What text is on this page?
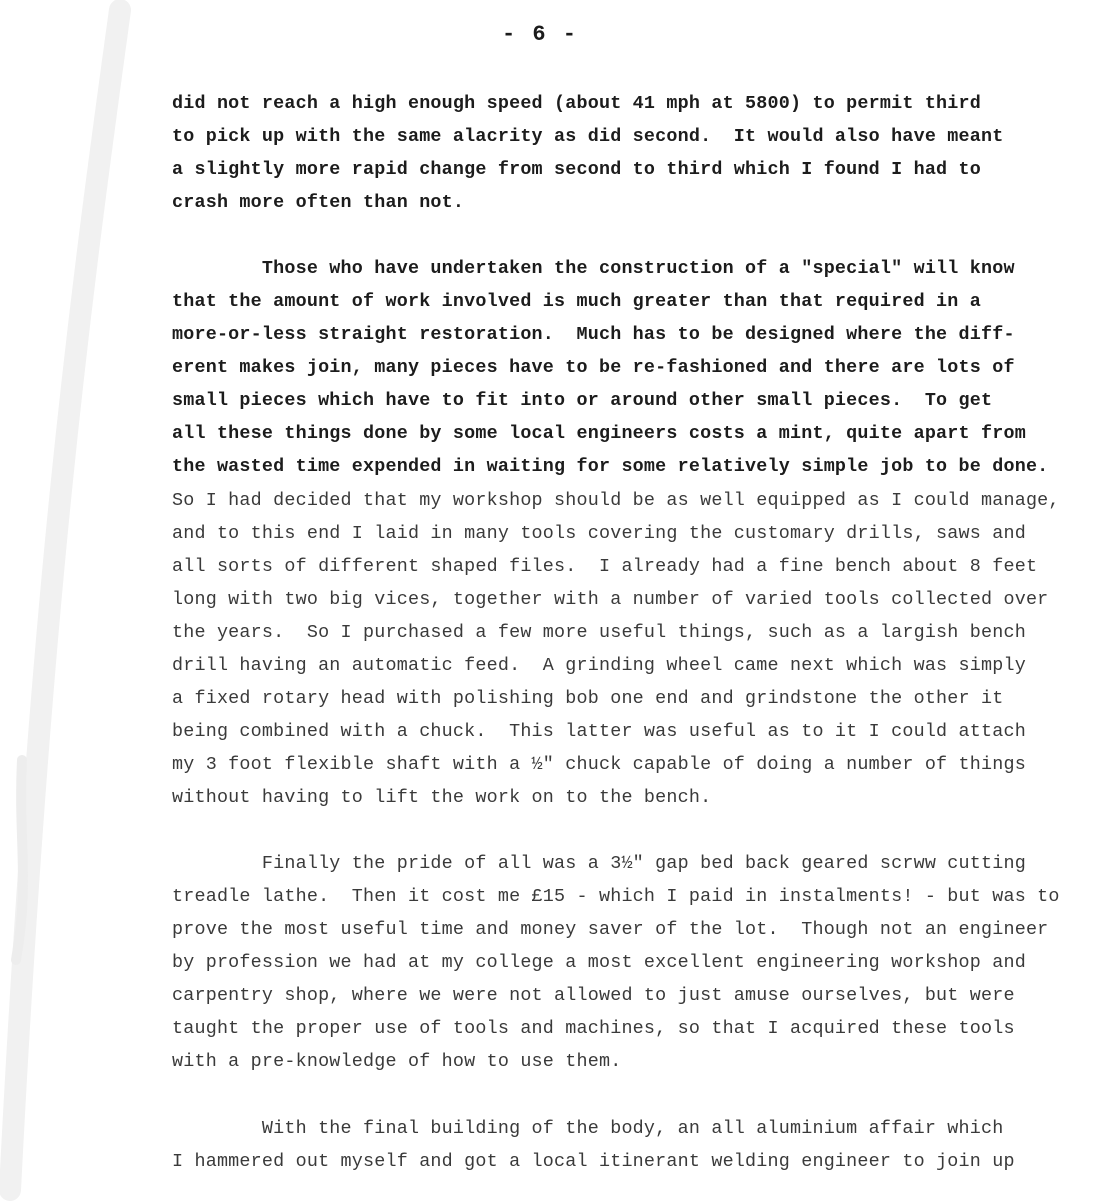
- 6 -
did not reach a high enough speed (about 41 mph at 5800) to permit third
to pick up with the same alacrity as did second.  It would also have meant
a slightly more rapid change from second to third which I found I had to
crash more often than not.
Those who have undertaken the construction of a "special" will know
that the amount of work involved is much greater than that required in a
more-or-less straight restoration.  Much has to be designed where the diff-
erent makes join, many pieces have to be re-fashioned and there are lots of
small pieces which have to fit into or around other small pieces.  To get
all these things done by some local engineers costs a mint, quite apart from
the wasted time expended in waiting for some relatively simple job to be done.
So I had decided that my workshop should be as well equipped as I could manage,
and to this end I laid in many tools covering the customary drills, saws and
all sorts of different shaped files.  I already had a fine bench about 8 feet
long with two big vices, together with a number of varied tools collected over
the years.  So I purchased a few more useful things, such as a largish bench
drill having an automatic feed.  A grinding wheel came next which was simply
a fixed rotary head with polishing bob one end and grindstone the other it
being combined with a chuck.  This latter was useful as to it I could attach
my 3 foot flexible shaft with a ½" chuck capable of doing a number of things
without having to lift the work on to the bench.
Finally the pride of all was a 3½" gap bed back geared scrww cutting
treadle lathe.  Then it cost me £15 - which I paid in instalments! - but was to
prove the most useful time and money saver of the lot.  Though not an engineer
by profession we had at my college a most excellent engineering workshop and
carpentry shop, where we were not allowed to just amuse ourselves, but were
taught the proper use of tools and machines, so that I acquired these tools
with a pre-knowledge of how to use them.
With the final building of the body, an all aluminium affair which
I hammered out myself and got a local itinerant welding engineer to join up
